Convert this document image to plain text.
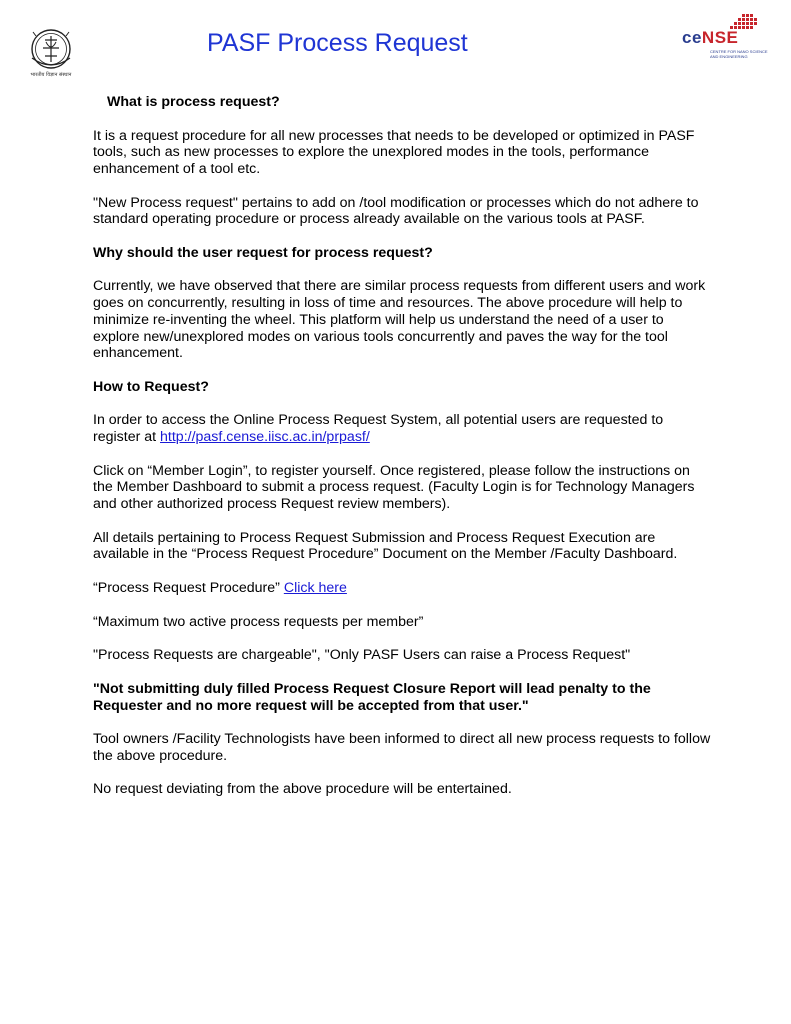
भारतीय विज्ञान संस्थान
PASF Process Request	ceNSE
CENTRE FOR NANO SCIENCE
AND ENGINEERING
What is process request?

It is a request procedure for all new processes that needs to be developed or optimized in PASF tools, such as new processes to explore the unexplored modes in the tools, performance enhancement of a tool etc.

"New Process request" pertains to add on /tool modification or processes which do not adhere to standard operating procedure or process already available on the various tools at PASF.

Why should the user request for process request?

Currently, we have observed that there are similar process requests from different users and work goes on concurrently, resulting in loss of time and resources. The above procedure will help to minimize re-inventing the wheel. This platform will help us understand the need of a user to explore new/unexplored modes on various tools concurrently and paves the way for the tool enhancement.

How to Request?

In order to access the Online Process Request System, all potential users are requested to register at http://pasf.cense.iisc.ac.in/prpasf/

Click on “Member Login”, to register yourself. Once registered, please follow the instructions on the Member Dashboard to submit a process request. (Faculty Login is for Technology Managers and other authorized process Request review members).

All details pertaining to Process Request Submission and Process Request Execution are available in the “Process Request Procedure” Document on the Member /Faculty Dashboard.

“Process Request Procedure” Click here

“Maximum two active process requests per member”

"Process Requests are chargeable", "Only PASF Users can raise a Process Request"

"Not submitting duly filled Process Request Closure Report will lead penalty to the Requester and no more request will be accepted from that user."

Tool owners /Facility Technologists have been informed to direct all new process requests to follow the above procedure.

No request deviating from the above procedure will be entertained.
